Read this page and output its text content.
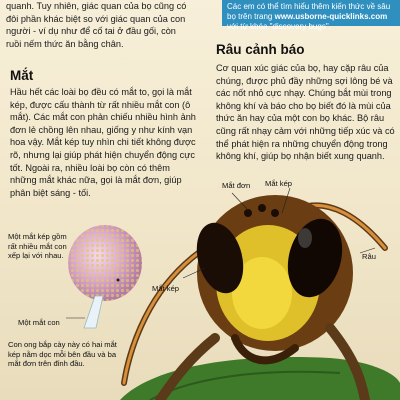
quanh. Tuy nhiên, giác quan của bọ cũng có

đôi phần khác biệt so với giác quan của con

người - ví dụ như để cố tai ở đầu gối, còn

ruồi nếm thức ăn bằng chân.

Các em có thể tìm hiểu thêm kiến thức về sâu
bọ trên trang www.usborne-quicklinks.com
với từ khóa "discovery bugs".
Mắt

Hầu hết các loài bọ đều có mắt to, gọi là mắt kép, được cấu thành từ rất nhiều mắt con (ô mắt). Các mắt con phản chiếu nhiều hình ảnh đơn lẻ chồng lên nhau, giống y như kính vạn hoa vậy. Mắt kép tuy nhìn chi tiết không được rõ, nhưng lại giúp phát hiện chuyển động cực tốt. Ngoài ra, nhiều loài bọ còn có thêm những mắt khác nữa, gọi là mắt đơn, giúp phân biệt sáng - tối.

Râu cảnh báo

Cơ quan xúc giác của bọ, hay cặp râu của chúng, được phủ đầy những sợi lông bé và các nốt nhỏ cực nhạy. Chúng bắt mùi trong không khí và báo cho bọ biết đó là mùi của thức ăn hay của một con bọ khác. Bộ râu cũng rất nhạy cảm với những tiếp xúc và có thể phát hiện ra những chuyển động trong không khí, giúp bọ nhận biết xung quanh.

Mắt đơn Mắt kép
Râu
Mắt kép
Một mắt kép gồm rất nhiều mắt con xếp lại với nhau.
Một mắt con
Con ong bắp cày này có hai mắt kép nằm dọc mỗi bên đầu và ba mắt đơn trên đỉnh đầu.
